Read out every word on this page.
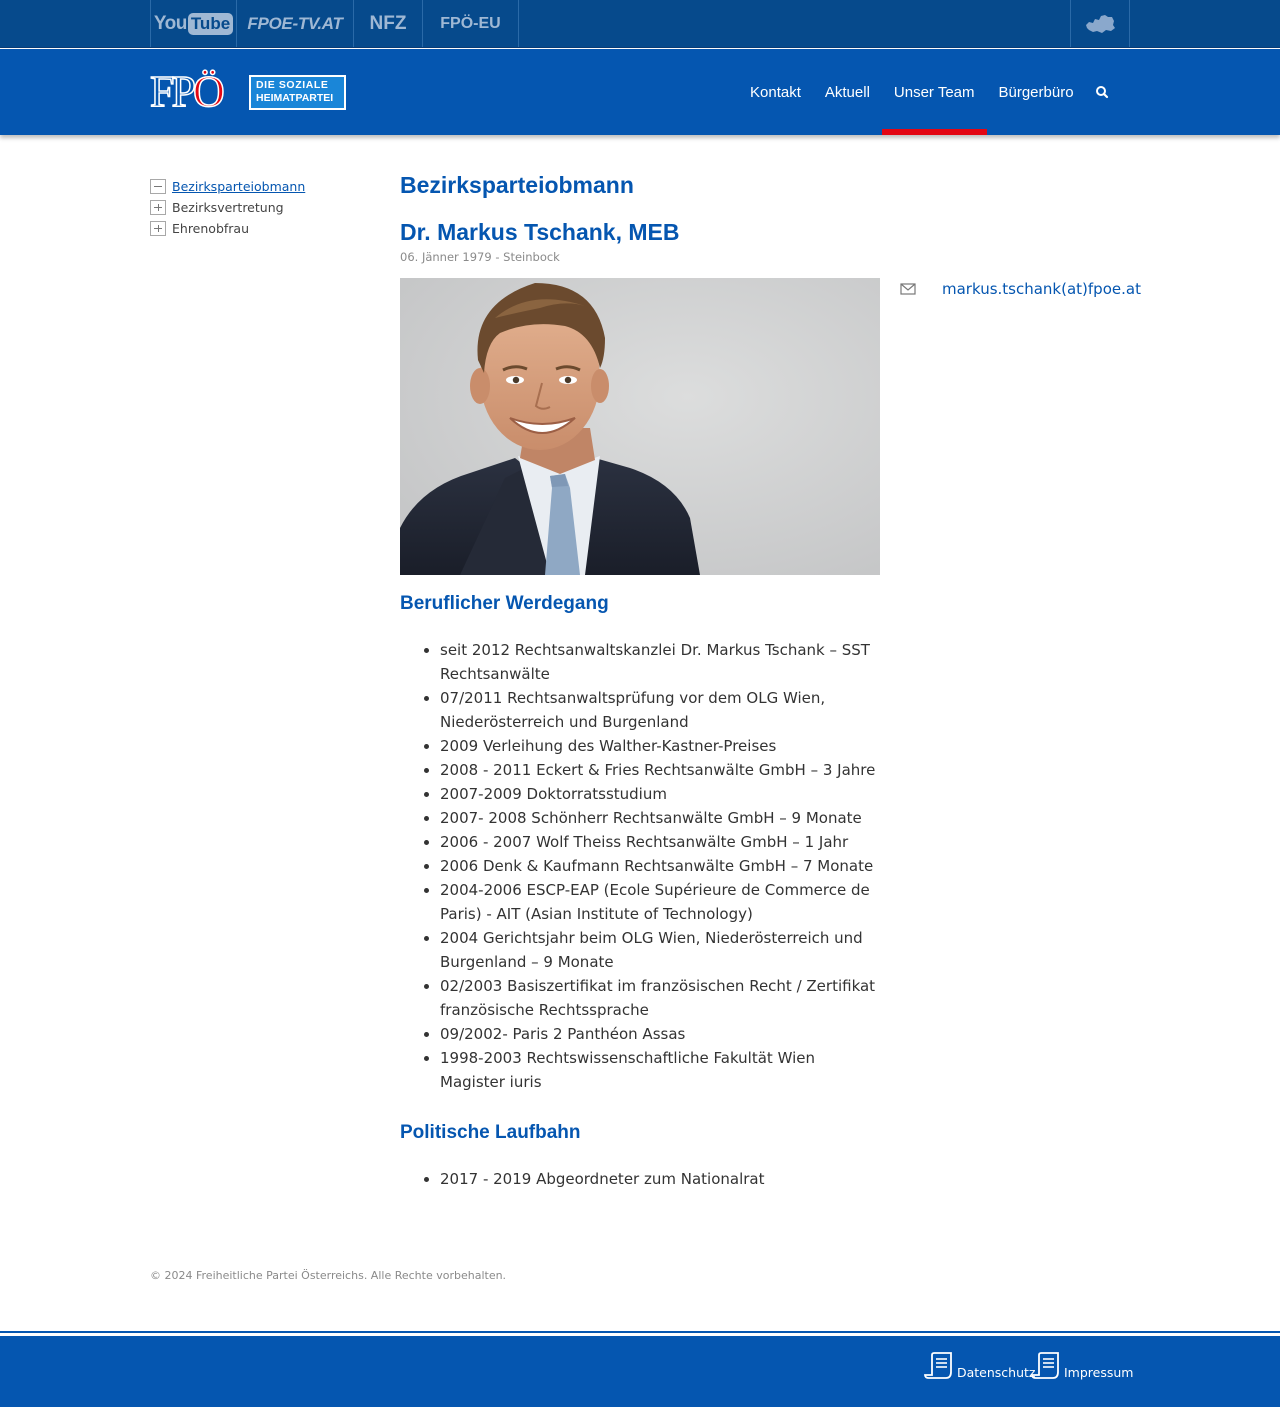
You Tube FPOE-TV.AT NFZ FPÖ-EU
FPÖ	DIE SOZIALE
HEIMATPARTEI	Kontakt	Aktuell	Unser Team	Bürgerbüro
Bezirksparteiobmann
Bezirksvertretung
Ehrenobfrau
Bezirksparteiobmann
Dr. Markus Tschank, MEB
06. Jänner 1979 - Steinbock
Beruflicher Werdegang
• seit 2012 Rechtsanwaltskanzlei Dr. Markus Tschank – SST Rechtsanwälte
• 07/2011 Rechtsanwaltsprüfung vor dem OLG Wien, Niederösterreich und Burgenland
• 2009 Verleihung des Walther-Kastner-Preises
• 2008 - 2011 Eckert & Fries Rechtsanwälte GmbH – 3 Jahre
• 2007-2009 Doktorratsstudium
• 2007- 2008 Schönherr Rechtsanwälte GmbH – 9 Monate
• 2006 - 2007 Wolf Theiss Rechtsanwälte GmbH – 1 Jahr
• 2006 Denk & Kaufmann Rechtsanwälte GmbH – 7 Monate
• 2004-2006 ESCP-EAP (Ecole Supérieure de Commerce de Paris) - AIT (Asian Institute of Technology)
• 2004 Gerichtsjahr beim OLG Wien, Niederösterreich und Burgenland – 9 Monate
• 02/2003 Basiszertifikat im französischen Recht / Zertifikat französische Rechtssprache
• 09/2002- Paris 2 Panthéon Assas
• 1998-2003 Rechtswissenschaftliche Fakultät Wien Magister iuris
Politische Laufbahn
• 2017 - 2019 Abgeordneter zum Nationalrat
markus.tschank(at)fpoe.at
© 2024 Freiheitliche Partei Österreichs. Alle Rechte vorbehalten.
Datenschutz Impressum
